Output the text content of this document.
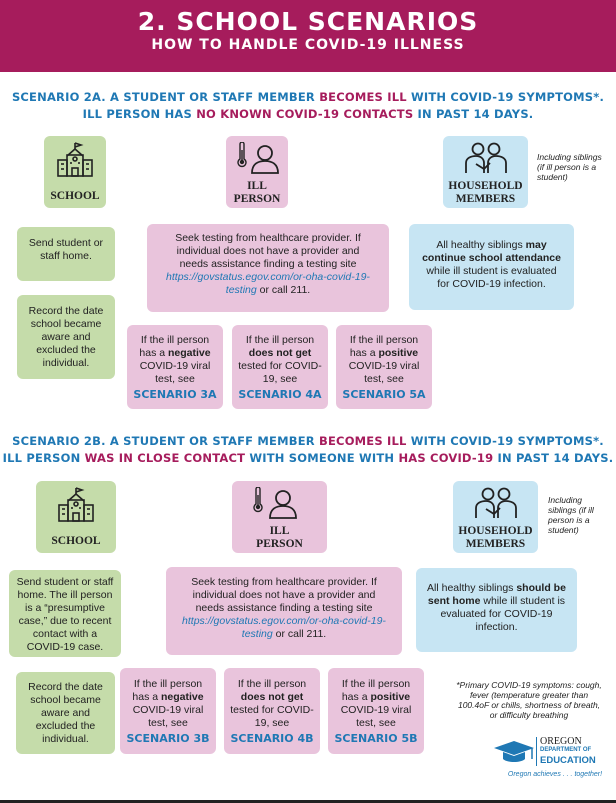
2. SCHOOL SCENARIOS
HOW TO HANDLE COVID-19 ILLNESS
SCENARIO 2A. A STUDENT OR STAFF MEMBER BECOMES ILL WITH COVID-19 SYMPTOMS*.
ILL PERSON HAS NO KNOWN COVID-19 CONTACTS IN PAST 14 DAYS.
SCHOOL
ILL
PERSON
HOUSEHOLD
MEMBERS
Including siblings (if ill person is a student)
Send student or staff home.
Record the date school became aware and excluded the individual.
Seek testing from healthcare provider. If individual does not have a provider and needs assistance finding a testing site https://govstatus.egov.com/or-oha-covid-19-testing or call 211.
All healthy siblings may continue school attendance while ill student is evaluated for COVID-19 infection.
If the ill person has a negative COVID-19 viral test, see
SCENARIO 3A
If the ill person does not get tested for COVID-19, see
SCENARIO 4A
If the ill person has a positive COVID-19 viral test, see
SCENARIO 5A
SCENARIO 2B. A STUDENT OR STAFF MEMBER BECOMES ILL WITH COVID-19 SYMPTOMS*.
ILL PERSON WAS IN CLOSE CONTACT WITH SOMEONE WITH HAS COVID-19 IN PAST 14 DAYS.
SCHOOL
ILL
PERSON
HOUSEHOLD
MEMBERS
Including siblings (if ill person is a student)
Send student or staff home. The ill person is a “presumptive case,” due to recent contact with a COVID-19 case.
Record the date school became aware and excluded the individual.
Seek testing from healthcare provider. If individual does not have a provider and needs assistance finding a testing site https://govstatus.egov.com/or-oha-covid-19-testing or call 211.
All healthy siblings should be sent home while ill student is evaluated for COVID-19 infection.
If the ill person has a negative COVID-19 viral test, see
SCENARIO 3B
If the ill person does not get tested for COVID-19, see
SCENARIO 4B
If the ill person has a positive COVID-19 viral test, see
SCENARIO 5B
*Primary COVID-19 symptoms: cough, fever (temperature greater than 100.4oF or chills, shortness of breath, or difficulty breathing
OREGON
DEPARTMENT OF
EDUCATION
Oregon achieves . . . together!
